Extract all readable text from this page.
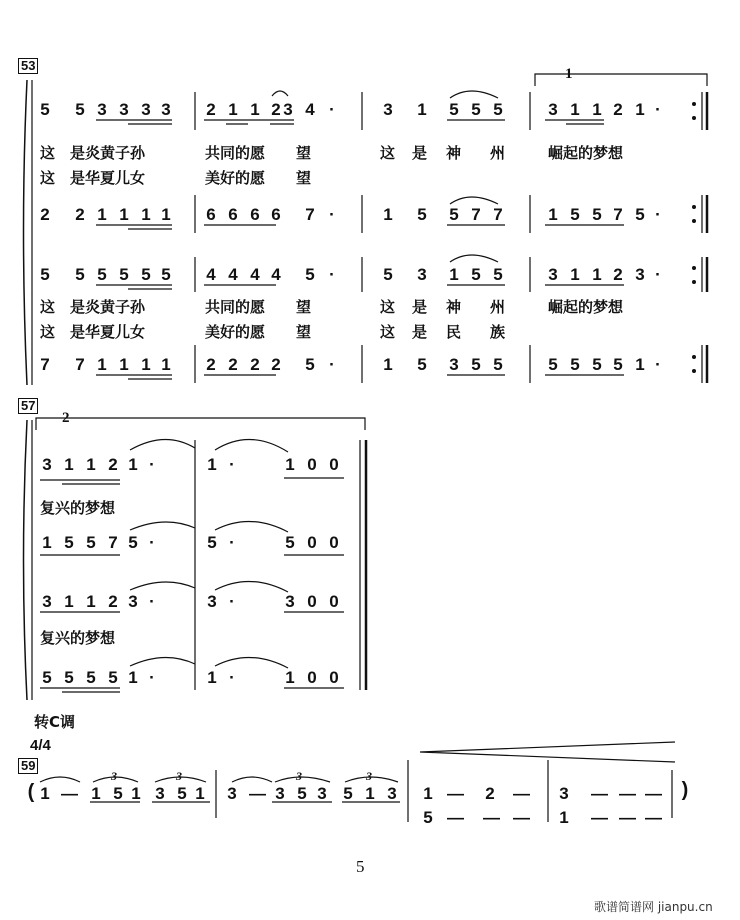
53
57
59
1
2
5 5 3 3 3 3 2 1 1 2 3 4 ·	3 1 5 5 5	3 1 1 2 1 ·
2 2 1 1 1 1 6 6 6 6 7 ·	1 5 5 7 7	1 5 5 7 5 ·
5 5 5 5 5 5 4 4 4 4 5 ·	5 3 1 5 5	3 1 1 2 3 ·
7 7 1 1 1 1 2 2 2 2 5 ·	1 5 3 5 5	5 5 5 5 1 ·
3 1 1 2 1 ·	1 ·	1 0 0
1 5 5 7 5 ·	5 ·	5 0 0
3 1 1 2 3 ·	3 ·	3 0 0
5 5 5 5 1 ·	1 ·	1 0 0
1 — 1 5 1 3 5 1 3 — 3 5 3 5 1 3 1 — 2 — 3 — — —
5 — — — 1 — — —
3	3	3	3
这 是炎黄子孙	共同的愿 望	这 是 神 州	崛起的梦想
这 是华夏儿女	美好的愿 望
这 是炎黄子孙	共同的愿 望	这 是 神 州	崛起的梦想
这 是华夏儿女	美好的愿 望	这 是 民 族
复兴的梦想
复兴的梦想
转C调
4/4
(	)
5
歌谱简谱网 jianpu.cn
